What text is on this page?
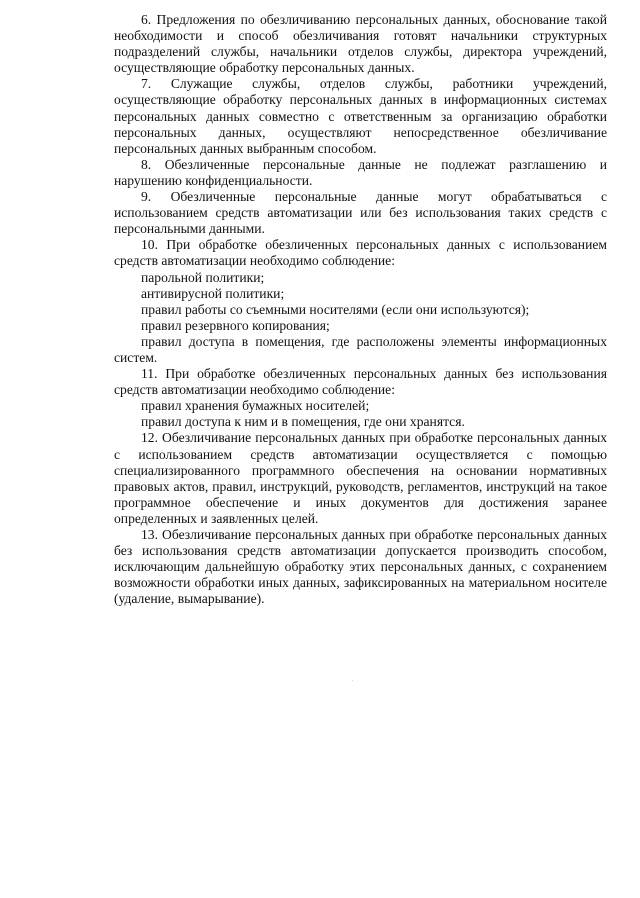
6. Предложения по обезличиванию персональных данных, обоснование такой необходимости и способ обезличивания готовят начальники структурных подразделений службы, начальники отделов службы, директора учреждений, осуществляющие обработку персональных данных.

7. Служащие службы, отделов службы, работники учреждений, осуществляющие обработку персональных данных в информационных системах персональных данных совместно с ответственным за организацию обработки персональных данных, осуществляют непосредственное обезличивание персональных данных выбранным способом.

8. Обезличенные персональные данные не подлежат разглашению и нарушению конфиденциальности.

9. Обезличенные персональные данные могут обрабатываться с использованием средств автоматизации или без использования таких средств с персональными данными.

10. При обработке обезличенных персональных данных с использованием средств автоматизации необходимо соблюдение:

парольной политики;

антивирусной политики;

правил работы со съемными носителями (если они используются);

правил резервного копирования;

правил доступа в помещения, где расположены элементы информационных систем.

11. При обработке обезличенных персональных данных без использования средств автоматизации необходимо соблюдение:

правил хранения бумажных носителей;

правил доступа к ним и в помещения, где они хранятся.

12. Обезличивание персональных данных при обработке персональных данных с использованием средств автоматизации осуществляется с помощью специализированного программного обеспечения на основании нормативных правовых актов, правил, инструкций, руководств, регламентов, инструкций на такое программное обеспечение и иных документов для достижения заранее определенных и заявленных целей.

13. Обезличивание персональных данных при обработке персональных данных без использования средств автоматизации допускается производить способом, исключающим дальнейшую обработку этих персональных данных, с сохранением возможности обработки иных данных, зафиксированных на материальном носителе (удаление, вымарывание).
